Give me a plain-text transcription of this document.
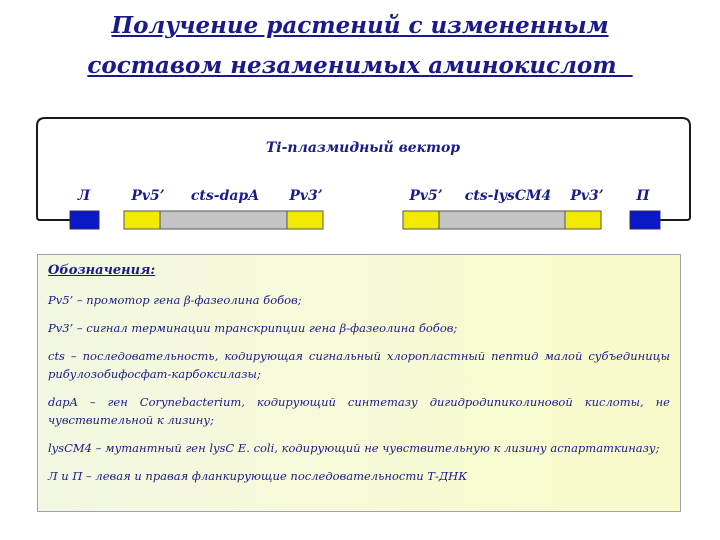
Получение растений с измененным
составом незаменимых аминокислот
Ti-плазмидный вектор
Л	Pv5’ cts-dapA Pv3’	Pv5’ cts-lysCM4 Pv3’ П
Обозначения:

Pv5’ – промотор гена β-фазеолина бобов;

Pv3’ – сигнал терминации транскрипции гена β-фазеолина бобов;

cts – последовательность, кодирующая сигнальный хлоропластный пептид малой субъединицы рибулозобифосфат-карбоксилазы;

dapA – ген Corynebacterium, кодирующий синтетазу дигидродипиколиновой кислоты, не чувствительной к лизину;

lysCM4 – мутантный ген lysC E. coli, кодирующий не чувствительную к лизину аспартаткиназу;

Л и П – левая и правая фланкирующие последовательности Т-ДНК
